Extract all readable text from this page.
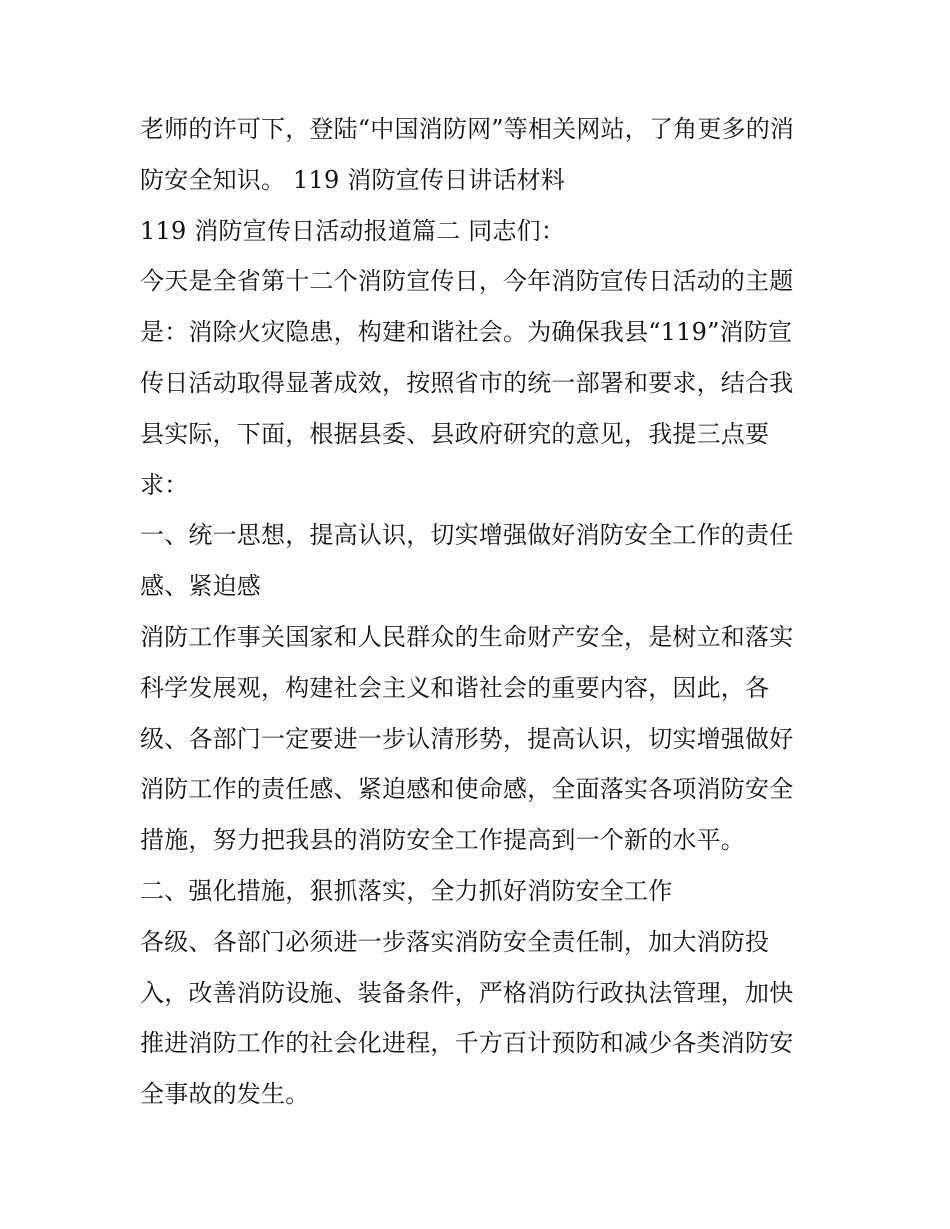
老师的许可下，登陆“中国消防网”等相关网站，了角更多的消
防安全知识。 119 消防宣传日讲话材料
119 消防宣传日活动报道篇二 同志们：
今天是全省第十二个消防宣传日，今年消防宣传日活动的主题
是：消除火灾隐患，构建和谐社会。为确保我县“119”消防宣
传日活动取得显著成效，按照省市的统一部署和要求，结合我
县实际，下面，根据县委、县政府研究的意见，我提三点要
求：
一、统一思想，提高认识，切实增强做好消防安全工作的责任
感、紧迫感
消防工作事关国家和人民群众的生命财产安全，是树立和落实
科学发展观，构建社会主义和谐社会的重要内容，因此，各
级、各部门一定要进一步认清形势，提高认识，切实增强做好
消防工作的责任感、紧迫感和使命感，全面落实各项消防安全
措施，努力把我县的消防安全工作提高到一个新的水平。
二、强化措施，狠抓落实，全力抓好消防安全工作
各级、各部门必须进一步落实消防安全责任制，加大消防投
入，改善消防设施、装备条件，严格消防行政执法管理，加快
推进消防工作的社会化进程，千方百计预防和减少各类消防安
全事故的发生。
